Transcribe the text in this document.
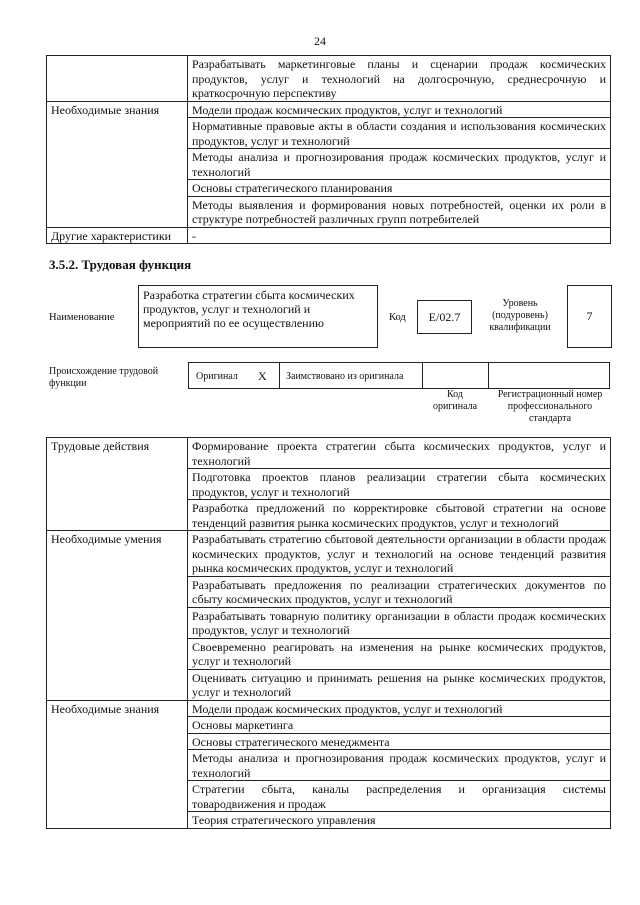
24
	Разрабатывать маркетинговые планы и сценарии продаж космических продуктов, услуг и технологий на долгосрочную, среднесрочную и краткосрочную перспективу
Необходимые знания	Модели продаж космических продуктов, услуг и технологий
	Нормативные правовые акты в области создания и использования космических продуктов, услуг и технологий
	Методы анализа и прогнозирования продаж космических продуктов, услуг и технологий
	Основы стратегического планирования
	Методы выявления и формирования новых потребностей, оценки их роли в структуре потребностей различных групп потребителей
Другие характеристики	-
3.5.2. Трудовая функция
Наименование
Разработка стратегии сбыта космических продуктов, услуг и технологий и мероприятий по ее осуществлению	Код	E/02.7
Уровень (подуровень) квалификации
7
Происхождение трудовой функции
Оригинал X Заимствовано из оригинала
Код оригинала
Регистрационный номер профессионального стандарта
Трудовые действия	Формирование проекта стратегии сбыта космических продуктов, услуг и технологий
	Подготовка проектов планов реализации стратегии сбыта космических продуктов, услуг и технологий
	Разработка предложений по корректировке сбытовой стратегии на основе тенденций развития рынка космических продуктов, услуг и технологий
Необходимые умения	Разрабатывать стратегию сбытовой деятельности организации в области продаж космических продуктов, услуг и технологий на основе тенденций развития рынка космических продуктов, услуг и технологий
	Разрабатывать предложения по реализации стратегических документов по сбыту космических продуктов, услуг и технологий
	Разрабатывать товарную политику организации в области продаж космических продуктов, услуг и технологий
	Своевременно реагировать на изменения на рынке космических продуктов, услуг и технологий
	Оценивать ситуацию и принимать решения на рынке космических продуктов, услуг и технологий
Необходимые знания	Модели продаж космических продуктов, услуг и технологий
	Основы маркетинга
	Основы стратегического менеджмента
	Методы анализа и прогнозирования продаж космических продуктов, услуг и технологий
	Стратегии сбыта, каналы распределения и организация системы товародвижения и продаж
	Теория стратегического управления
